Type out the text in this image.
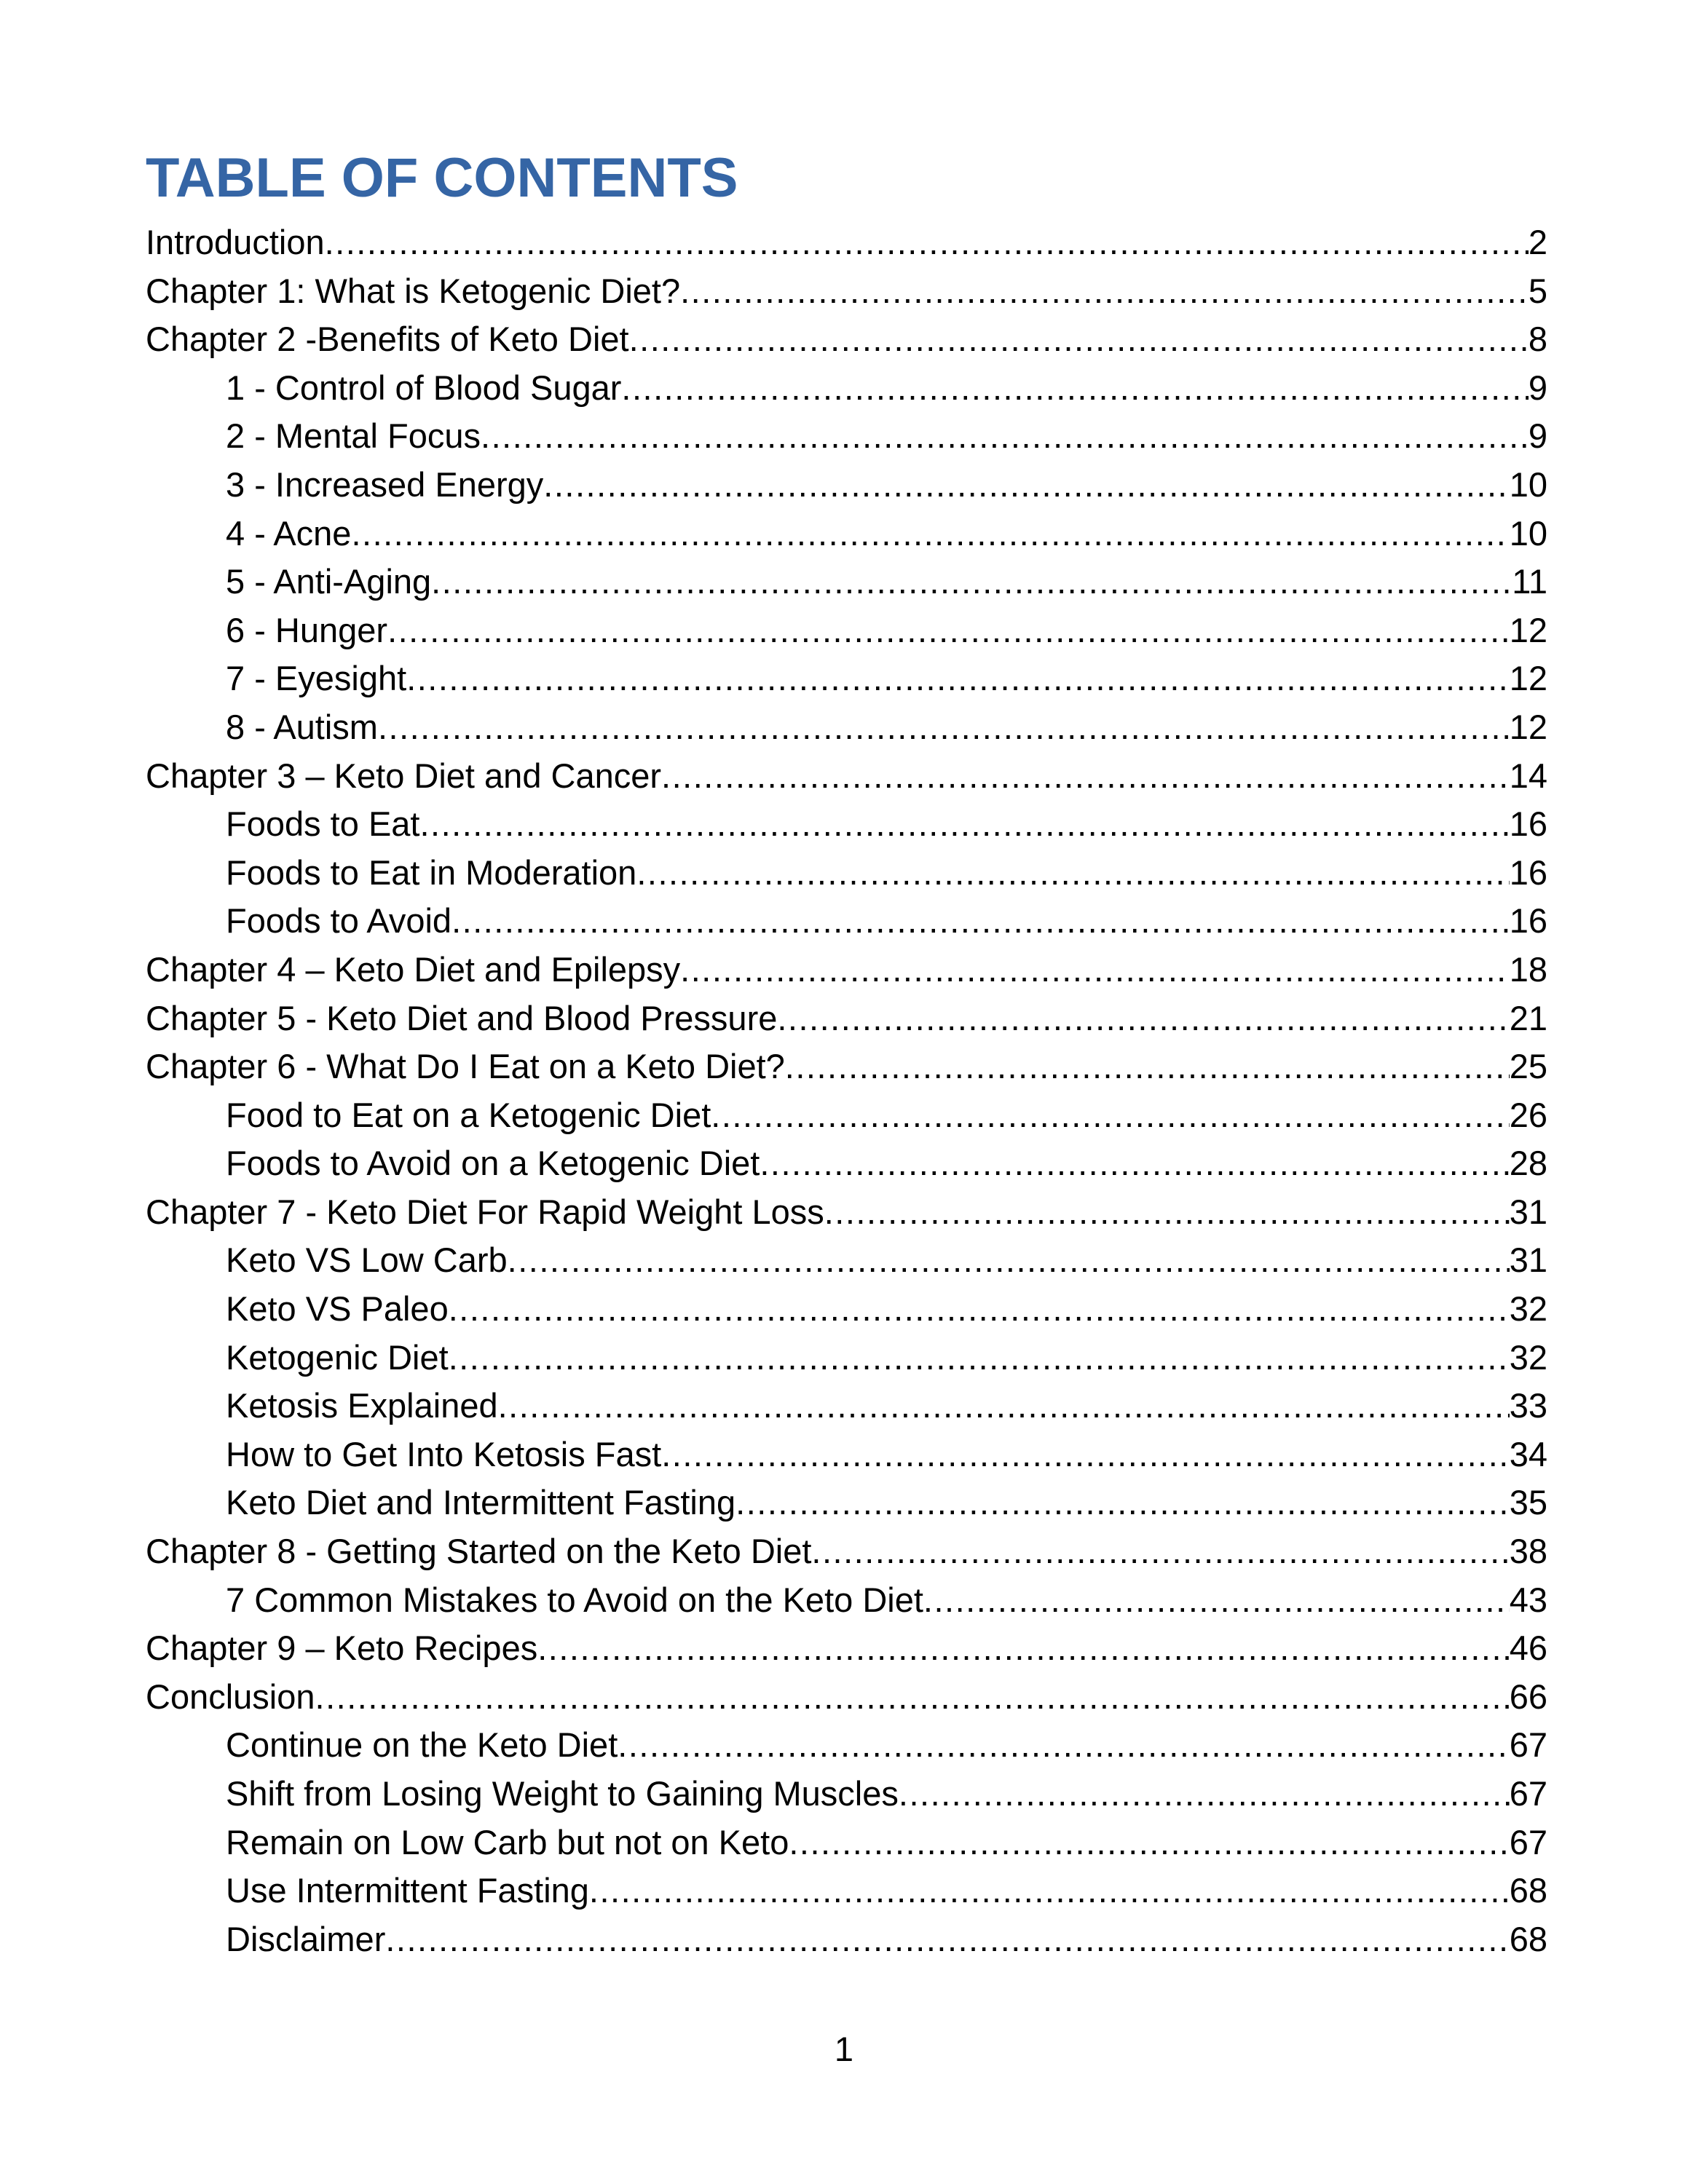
TABLE OF CONTENTS
Introduction .....	2
Chapter 1: What is Ketogenic Diet? .....	5
Chapter 2 -Benefits of Keto Diet .....	8
1 - Control of Blood Sugar .....	9
2 - Mental Focus .....	9
3 - Increased Energy .....	10
4 - Acne .....	10
5 - Anti-Aging .....	11
6 - Hunger .....	12
7 - Eyesight .....	12
8 - Autism .....	12
Chapter 3 – Keto Diet and Cancer .....	14
Foods to Eat .....	16
Foods to Eat in Moderation .....	16
Foods to Avoid .....	16
Chapter 4 – Keto Diet and Epilepsy .....	18
Chapter 5 - Keto Diet and Blood Pressure .....	21
Chapter 6 - What Do I Eat on a Keto Diet? .....	25
Food to Eat on a Ketogenic Diet .....	26
Foods to Avoid on a Ketogenic Diet .....	28
Chapter 7 - Keto Diet For Rapid Weight Loss .....	31
Keto VS Low Carb .....	31
Keto VS Paleo .....	32
Ketogenic Diet .....	32
Ketosis Explained .....	33
How to Get Into Ketosis Fast .....	34
Keto Diet and Intermittent Fasting .....	35
Chapter 8 - Getting Started on the Keto Diet .....	38
7 Common Mistakes to Avoid on the Keto Diet .....	43
Chapter 9 – Keto Recipes .....	46
Conclusion .....	66
Continue on the Keto Diet .....	67
Shift from Losing Weight to Gaining Muscles .....	67
Remain on Low Carb but not on Keto .....	67
Use Intermittent Fasting .....	68
Disclaimer .....	68
1
